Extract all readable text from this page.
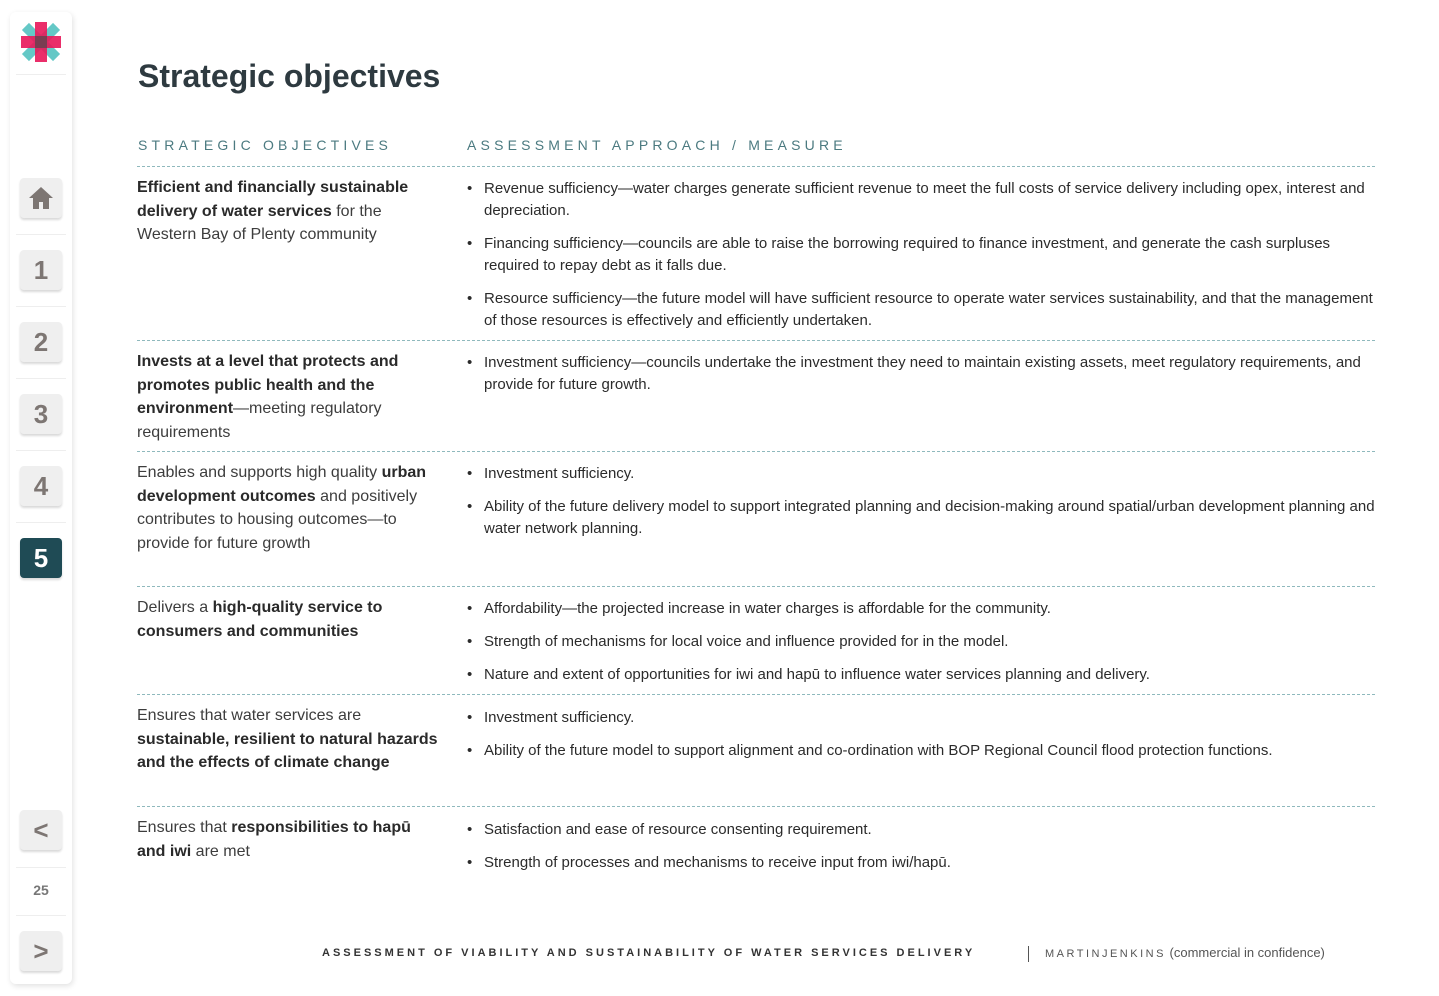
1
2
3
4
5
<
25
>
Strategic objectives
STRATEGIC OBJECTIVES	ASSESSMENT APPROACH / MEASURE
Efficient and financially sustainable delivery of water services for the Western Bay of Plenty community
• Revenue sufficiency—water charges generate sufficient revenue to meet the full costs of service delivery including opex, interest and depreciation.
• Financing sufficiency—councils are able to raise the borrowing required to finance investment, and generate the cash surpluses required to repay debt as it falls due.
• Resource sufficiency—the future model will have sufficient resource to operate water services sustainability, and that the management of those resources is effectively and efficiently undertaken.
Invests at a level that protects and promotes public health and the environment—meeting regulatory requirements
• Investment sufficiency—councils undertake the investment they need to maintain existing assets, meet regulatory requirements, and provide for future growth.
Enables and supports high quality urban development outcomes and positively contributes to housing outcomes—to provide for future growth
• Investment sufficiency.
• Ability of the future delivery model to support integrated planning and decision-making around spatial/urban development planning and water network planning.
Delivers a high-quality service to consumers and communities
• Affordability—the projected increase in water charges is affordable for the community.
• Strength of mechanisms for local voice and influence provided for in the model.
• Nature and extent of opportunities for iwi and hapū to influence water services planning and delivery.
Ensures that water services are sustainable, resilient to natural hazards and the effects of climate change
• Investment sufficiency.
• Ability of the future model to support alignment and co-ordination with BOP Regional Council flood protection functions.
Ensures that responsibilities to hapū and iwi are met
• Satisfaction and ease of resource consenting requirement.
• Strength of processes and mechanisms to receive input from iwi/hapū.
ASSESSMENT OF VIABILITY AND SUSTAINABILITY OF WATER SERVICES DELIVERY	MARTINJENKINS (commercial in confidence)
